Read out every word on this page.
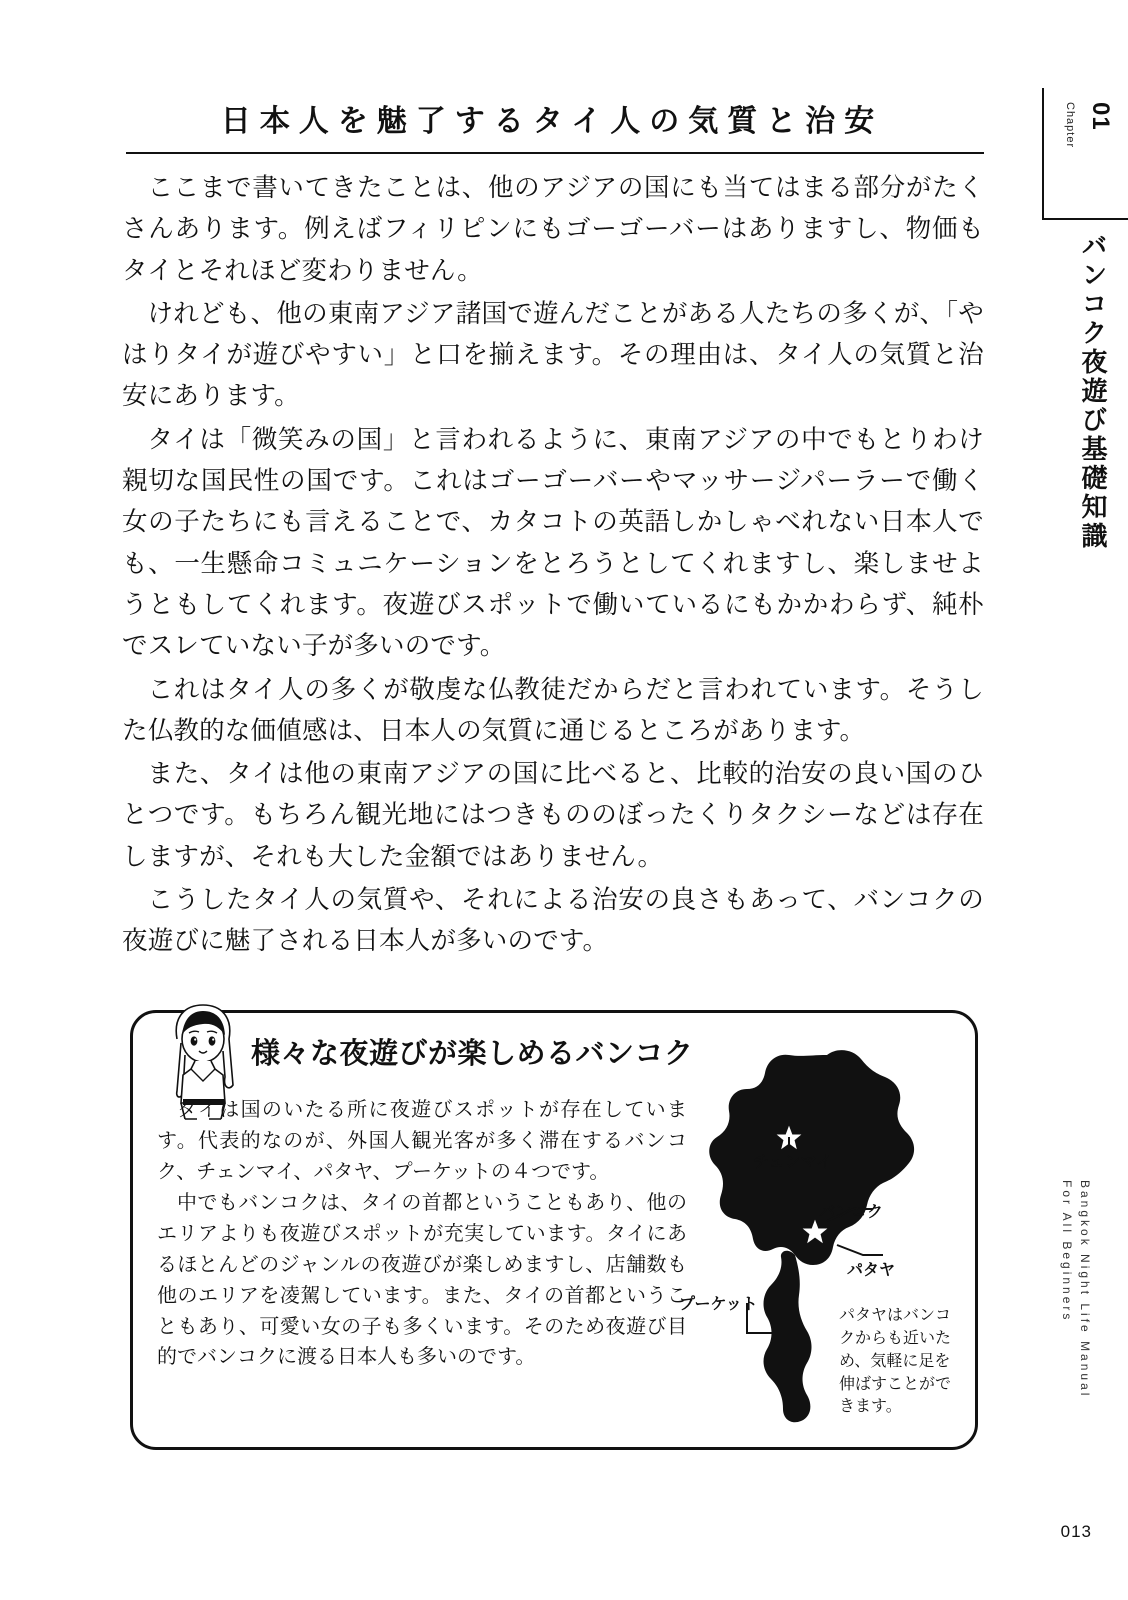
日本人を魅了するタイ人の気質と治安

ここまで書いてきたことは、他のアジアの国にも当てはまる部分がたくさんあります。例えばフィリピンにもゴーゴーバーはありますし、物価もタイとそれほど変わりません。

けれども、他の東南アジア諸国で遊んだことがある人たちの多くが、「やはりタイが遊びやすい」と口を揃えます。その理由は、タイ人の気質と治安にあります。

タイは「微笑みの国」と言われるように、東南アジアの中でもとりわけ親切な国民性の国です。これはゴーゴーバーやマッサージパーラーで働く女の子たちにも言えることで、カタコトの英語しかしゃべれない日本人でも、一生懸命コミュニケーションをとろうとしてくれますし、楽しませようともしてくれます。夜遊びスポットで働いているにもかかわらず、純朴でスレていない子が多いのです。

これはタイ人の多くが敬虔な仏教徒だからだと言われています。そうした仏教的な価値感は、日本人の気質に通じるところがあります。

また、タイは他の東南アジアの国に比べると、比較的治安の良い国のひとつです。もちろん観光地にはつきもののぼったくりタクシーなどは存在しますが、それも大した金額ではありません。

こうしたタイ人の気質や、それによる治安の良さもあって、バンコクの夜遊びに魅了される日本人が多いのです。

様々な夜遊びが楽しめるバンコク

タイは国のいたる所に夜遊びスポットが存在しています。代表的なのが、外国人観光客が多く滞在するバンコク、チェンマイ、パタヤ、プーケットの４つです。

中でもバンコクは、タイの首都ということもあり、他のエリアよりも夜遊びスポットが充実しています。タイにあるほとんどのジャンルの夜遊びが楽しめますし、店舗数も他のエリアを凌駕しています。また、タイの首都ということもあり、可愛い女の子も多くいます。そのため夜遊び目的でバンコクに渡る日本人も多いのです。

チェンマイ
バンコク
パタヤ
プーケット
パタヤはバンコクからも近いため、気軽に足を伸ばすことができます。
Chapter 01
バンコク夜遊び基礎知識
Bangkok Night Life Manual
For All Beginners
013
